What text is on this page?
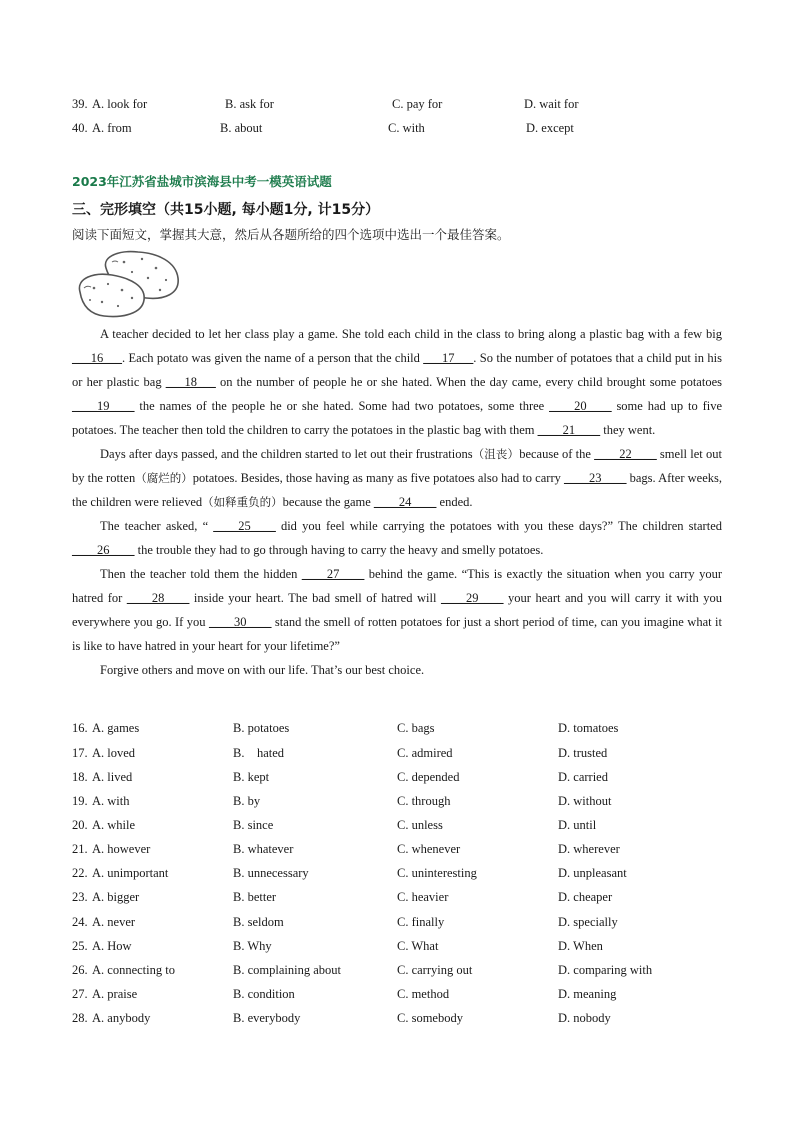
39. A. look for	B. ask for	C. pay for	D. wait for
40. A. from	B. about	C. with	D. except
2023年江苏省盐城市滨海县中考一模英语试题
三、完形填空（共15小题, 每小题1分, 计15分）
阅读下面短文，掌握其大意，然后从各题所给的四个选项中选出一个最佳答案。

A teacher decided to let her class play a game. She told each child in the class to bring along a plastic bag with a few big ___16___. Each potato was given the name of a person that the child ___17___. So the number of potatoes that a child put in his or her plastic bag ___18___ on the number of people he or she hated. When the day came, every child brought some potatoes ____19____ the names of the people he or she hated. Some had two potatoes, some three ____20____ some had up to five potatoes. The teacher then told the children to carry the potatoes in the plastic bag with them ____21____ they went.

Days after days passed, and the children started to let out their frustrations（沮丧）because of the ____22____ smell let out by the rotten（腐烂的）potatoes. Besides, those having as many as five potatoes also had to carry ____23____ bags. After weeks, the children were relieved（如释重负的）because the game ____24____ ended.

The teacher asked, “ ____25____ did you feel while carrying the potatoes with you these days?” The children started ____26____ the trouble they had to go through having to carry the heavy and smelly potatoes.

Then the teacher told them the hidden ____27____ behind the game. “This is exactly the situation when you carry your hatred for ____28____ inside your heart. The bad smell of hatred will ____29____ your heart and you will carry it with you everywhere you go. If you ____30____ stand the smell of rotten potatoes for just a short period of time, can you imagine what it is like to have hatred in your heart for your lifetime?”

Forgive others and move on with our life. That’s our best choice.

16. A. games	B. potatoes	C. bags	D. tomatoes
17. A. loved	B.    hated	C. admired	D. trusted
18. A. lived	B. kept	C. depended	D. carried
19. A. with	B. by	C. through	D. without
20. A. while	B. since	C. unless	D. until
21. A. however	B. whatever	C. whenever	D. wherever
22. A. unimportant	B. unnecessary	C. uninteresting	D. unpleasant
23. A. bigger	B. better	C. heavier	D. cheaper
24. A. never	B. seldom	C. finally	D. specially
25. A. How	B. Why	C. What	D. When
26. A. connecting to	B. complaining about	C. carrying out	D. comparing with
27. A. praise	B. condition	C. method	D. meaning
28. A. anybody	B. everybody	C. somebody	D. nobody
